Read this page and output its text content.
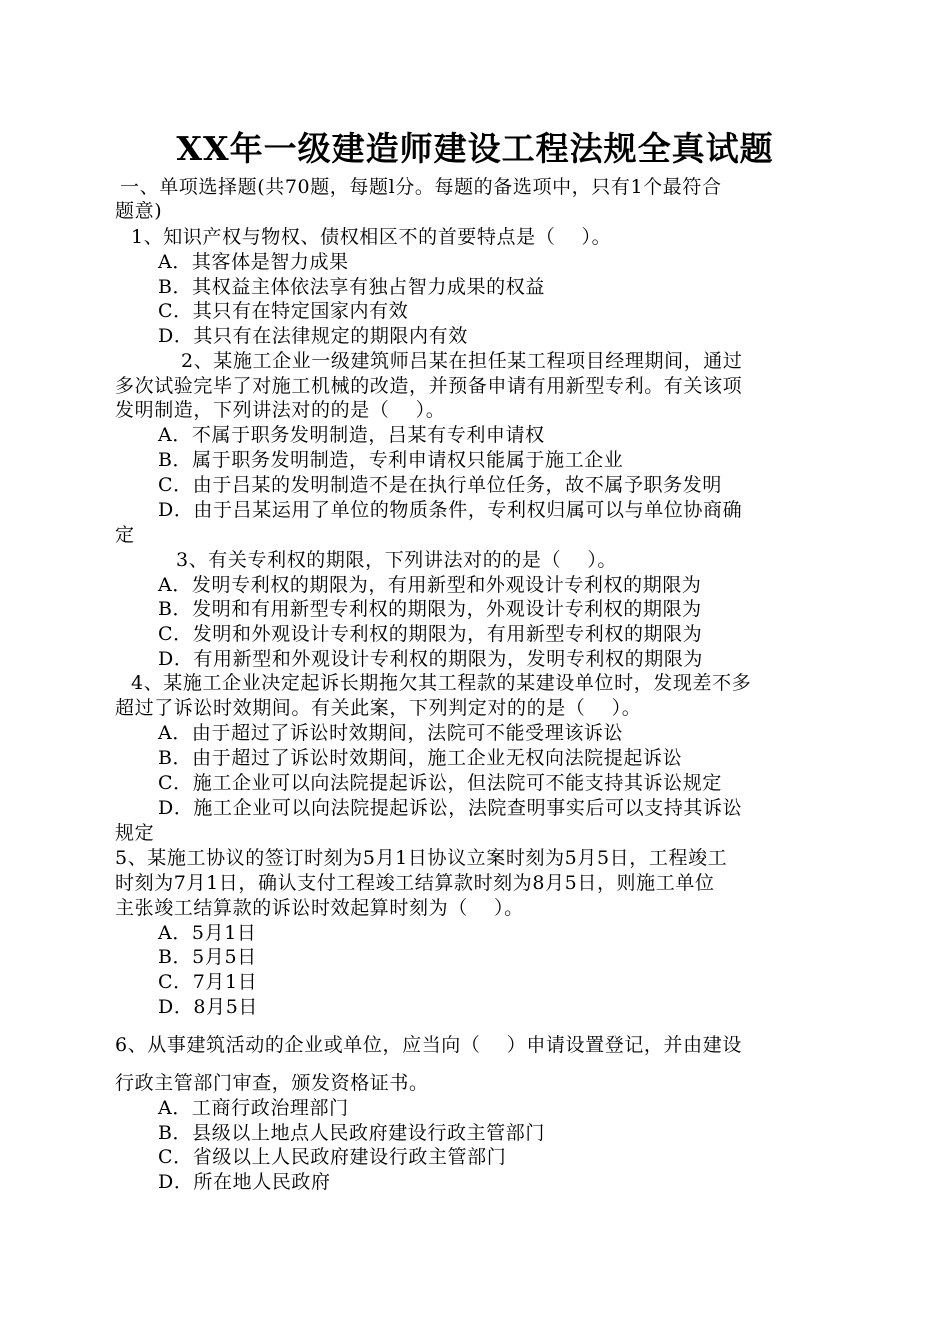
XX年一级建造师建设工程法规全真试题
一、单项选择题(共70题，每题l分。每题的备选项中，只有1个最符合
题意)
1、知识产权与物权、债权相区不的首要特点是（　 ）。
A．其客体是智力成果
B．其权益主体依法享有独占智力成果的权益
C．其只有在特定国家内有效
D．其只有在法律规定的期限内有效
2、某施工企业一级建筑师吕某在担任某工程项目经理期间，通过
多次试验完毕了对施工机械的改造，并预备申请有用新型专利。有关该项
发明制造，下列讲法对的的是（　 ）。
A．不属于职务发明制造，吕某有专利申请权
B．属于职务发明制造，专利申请权只能属于施工企业
C．由于吕某的发明制造不是在执行单位任务，故不属予职务发明
D．由于吕某运用了单位的物质条件，专利权归属可以与单位协商确
定
3、有关专利权的期限，下列讲法对的的是（　 ）。
A．发明专利权的期限为，有用新型和外观设计专利权的期限为
B．发明和有用新型专利权的期限为，外观设计专利权的期限为
C．发明和外观设计专利权的期限为，有用新型专利权的期限为
D．有用新型和外观设计专利权的期限为，发明专利权的期限为
4、某施工企业决定起诉长期拖欠其工程款的某建设单位时，发现差不多
超过了诉讼时效期间。有关此案，下列判定对的的是（　 ）。
A．由于超过了诉讼时效期间，法院可不能受理该诉讼
B．由于超过了诉讼时效期间，施工企业无权向法院提起诉讼
C．施工企业可以向法院提起诉讼，但法院可不能支持其诉讼规定
D．施工企业可以向法院提起诉讼，法院查明事实后可以支持其诉讼
规定
5、某施工协议的签订时刻为5月1日协议立案时刻为5月5日，工程竣工
时刻为7月1日，确认支付工程竣工结算款时刻为8月5日，则施工单位
主张竣工结算款的诉讼时效起算时刻为（　 ）。
A．5月1日
B．5月5日
C．7月1日
D．8月5日
6、从事建筑活动的企业或单位，应当向（　 ）申请设置登记，并由建设
行政主管部门审查，颁发资格证书。
A．工商行政治理部门
B．县级以上地点人民政府建设行政主管部门
C．省级以上人民政府建设行政主管部门
D．所在地人民政府
